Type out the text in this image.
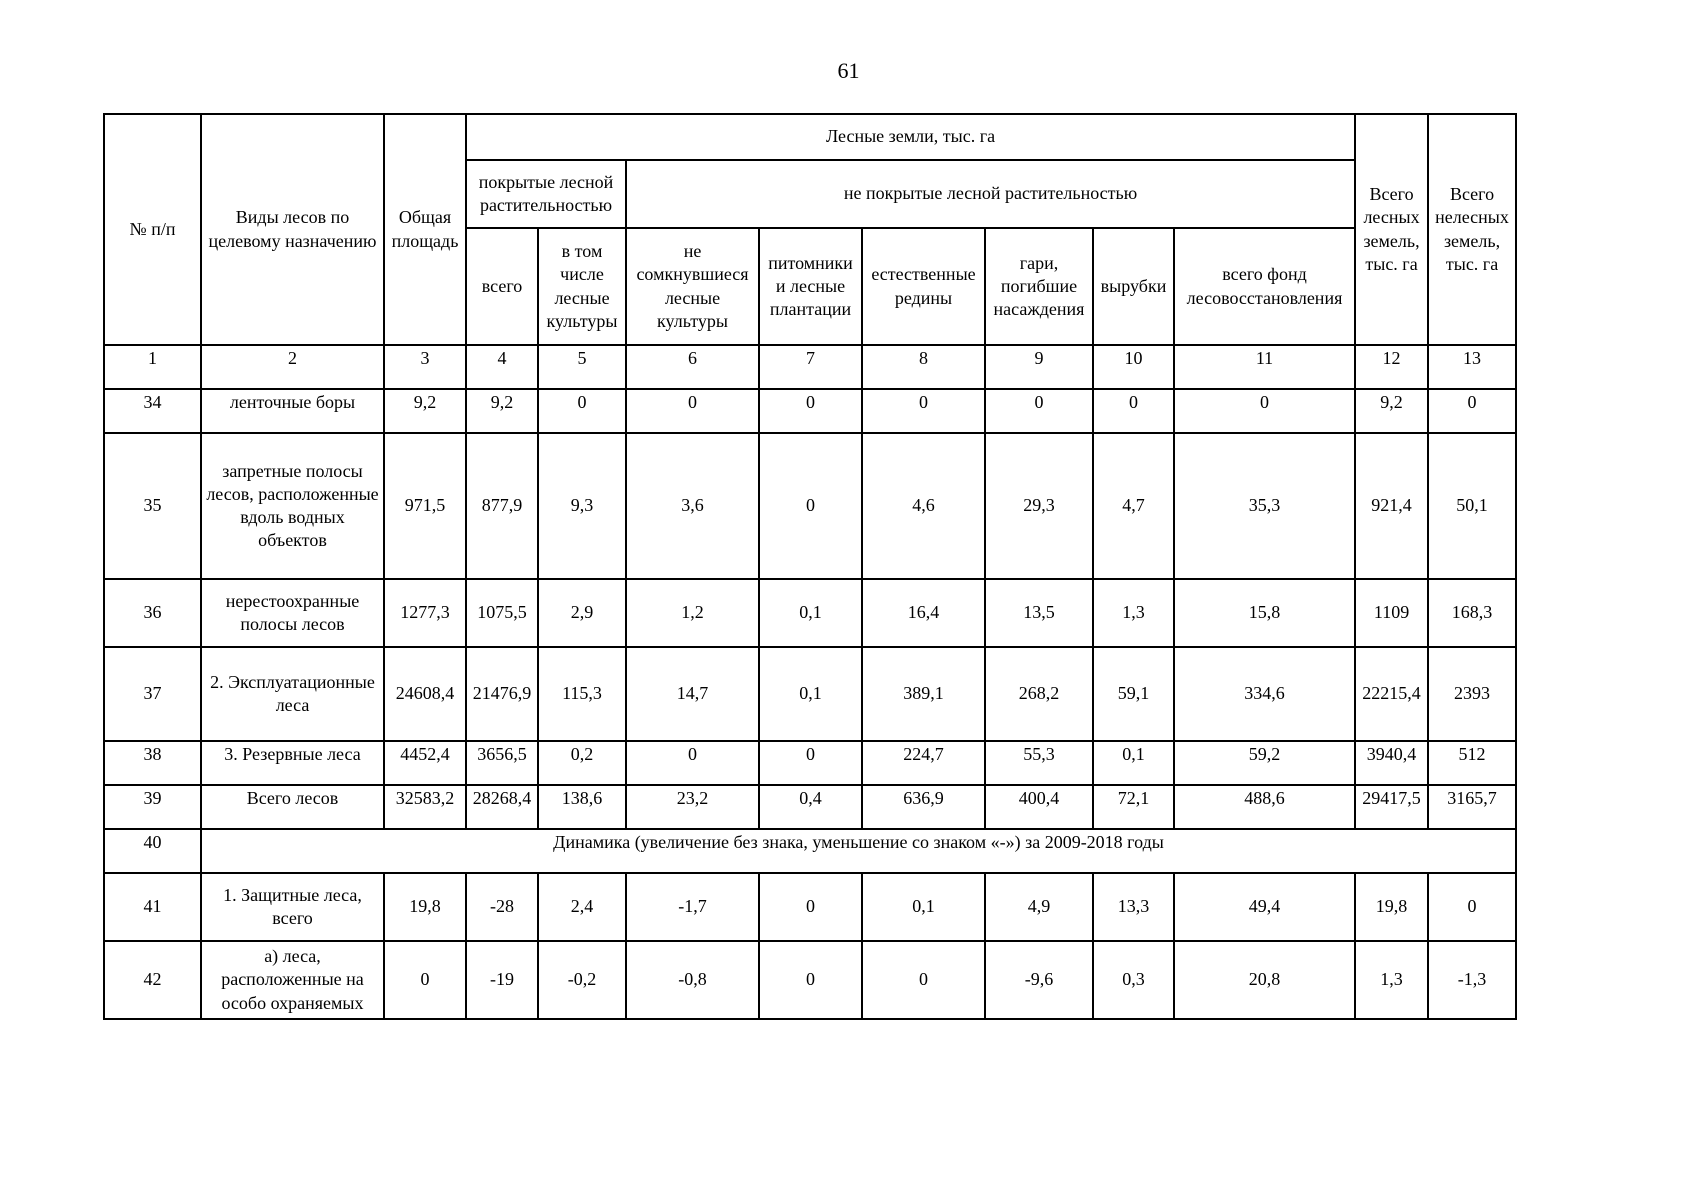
61
№ п/п	Виды лесов по целевому назначению	Общая площадь	Лесные земли, тыс. га								Всего лесных земель, тыс. га	Всего нелесных земель, тыс. га
			покрытые лесной растительностью		не покрытые лесной растительностью							
			всего	в том числе лесные культуры	не сомкнувшиеся лесные культуры	питомники и лесные плантации	естественные редины	гари, погибшие насаждения	вырубки	всего фонд лесовосстановления		
1	2	3	4	5	6	7	8	9	10	11	12	13
34	ленточные боры	9,2	9,2	0	0	0	0	0	0	0	9,2	0
35	запретные полосы лесов, расположенные вдоль водных объектов	971,5	877,9	9,3	3,6	0	4,6	29,3	4,7	35,3	921,4	50,1
36	нерестоохранные полосы лесов	1277,3	1075,5	2,9	1,2	0,1	16,4	13,5	1,3	15,8	1109	168,3
37	2. Эксплуатационные леса	24608,4	21476,9	115,3	14,7	0,1	389,1	268,2	59,1	334,6	22215,4	2393
38	3. Резервные леса	4452,4	3656,5	0,2	0	0	224,7	55,3	0,1	59,2	3940,4	512
39	Всего лесов	32583,2	28268,4	138,6	23,2	0,4	636,9	400,4	72,1	488,6	29417,5	3165,7
40	Динамика (увеличение без знака, уменьшение со знаком «-») за 2009-2018 годы											
41	1. Защитные леса, всего	19,8	-28	2,4	-1,7	0	0,1	4,9	13,3	49,4	19,8	0
42	а) леса, расположенные на особо охраняемых	0	-19	-0,2	-0,8	0	0	-9,6	0,3	20,8	1,3	-1,3
